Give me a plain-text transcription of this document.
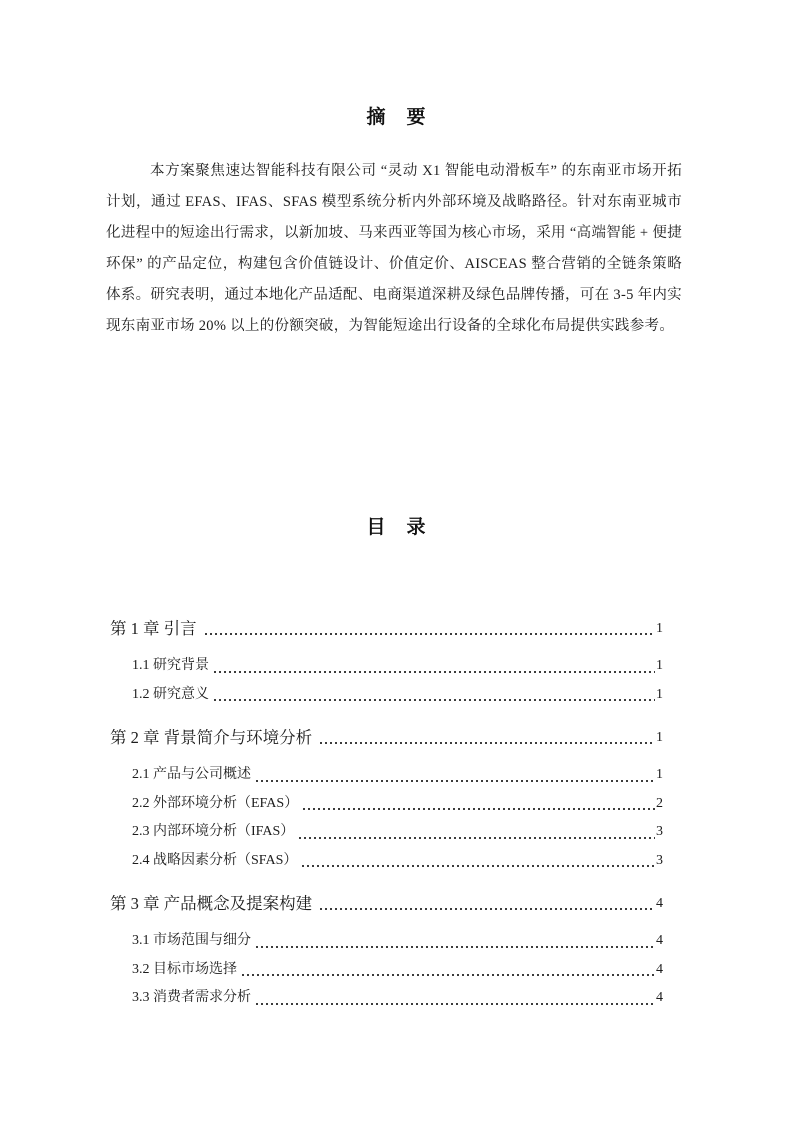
摘　要

本方案聚焦速达智能科技有限公司 “灵动 X1 智能电动滑板车” 的东南亚市场开拓计划，通过 EFAS、IFAS、SFAS 模型系统分析内外部环境及战略路径。针对东南亚城市化进程中的短途出行需求，以新加坡、马来西亚等国为核心市场，采用 “高端智能 + 便捷环保” 的产品定位，构建包含价值链设计、价值定价、AISCEAS 整合营销的全链条策略体系。研究表明，通过本地化产品适配、电商渠道深耕及绿色品牌传播，可在 3-5 年内实现东南亚市场 20% 以上的份额突破，为智能短途出行设备的全球化布局提供实践参考。

目　录
第 1 章 引言	1
1.1 研究背景	1
1.2 研究意义	1
第 2 章 背景简介与环境分析	1
2.1 产品与公司概述	1
2.2 外部环境分析（EFAS）	2
2.3 内部环境分析（IFAS）	3
2.4 战略因素分析（SFAS）	3
第 3 章 产品概念及提案构建	4
3.1 市场范围与细分	4
3.2 目标市场选择	4
3.3 消费者需求分析	4
